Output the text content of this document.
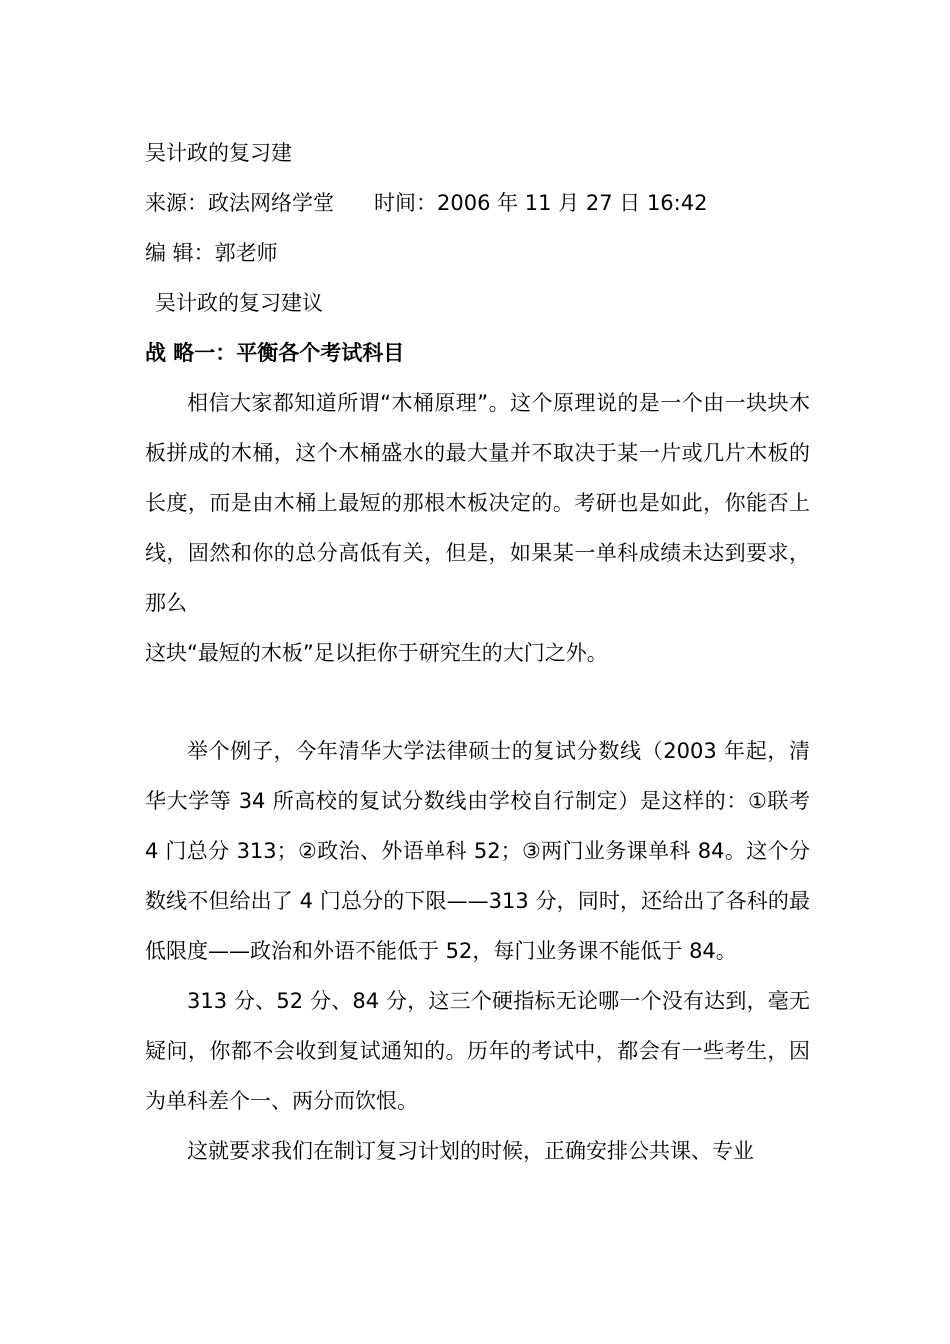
吴计政的复习建
来源：政法网络学堂 时间：2006 年 11 月 27 日 16:42
编 辑：郭老师
吴计政的复习建议
战 略一：平衡各个考试科目

相信大家都知道所谓“木桶原理”。这个原理说的是一个由一块块木板拼成的木桶，这个木桶盛水的最大量并不取决于某一片或几片木板的长度，而是由木桶上最短的那根木板决定的。考研也是如此，你能否上线，固然和你的总分高低有关，但是，如果某一单科成绩未达到要求，那么

这块“最短的木板”足以拒你于研究生的大门之外。

举个例子，今年清华大学法律硕士的复试分数线（2003 年起，清华大学等 34 所高校的复试分数线由学校自行制定）是这样的：①联考 4 门总分 313；②政治、外语单科 52；③两门业务课单科 84。这个分数线不但给出了 4 门总分的下限——313 分，同时，还给出了各科的最低限度——政治和外语不能低于 52，每门业务课不能低于 84。

313 分、52 分、84 分，这三个硬指标无论哪一个没有达到，毫无疑问，你都不会收到复试通知的。历年的考试中，都会有一些考生，因为单科差个一、两分而饮恨。

这就要求我们在制订复习计划的时候，正确安排公共课、专业
